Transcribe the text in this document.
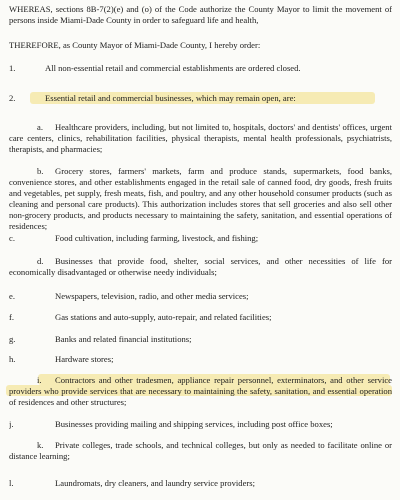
WHEREAS, sections 8B-7(2)(e) and (o) of the Code authorize the County Mayor to limit the movement of persons inside Miami-Dade County in order to safeguard life and health,

THEREFORE, as County Mayor of Miami-Dade County, I hereby order:

1.	All non-essential retail and commercial establishments are ordered closed.

2.	Essential retail and commercial businesses, which may remain open, are:

a. Healthcare providers, including, but not limited to, hospitals, doctors' and dentists' offices, urgent care centers, clinics, rehabilitation facilities, physical therapists, mental health professionals, psychiatrists, therapists, and pharmacies;

b. Grocery stores, farmers' markets, farm and produce stands, supermarkets, food banks, convenience stores, and other establishments engaged in the retail sale of canned food, dry goods, fresh fruits and vegetables, pet supply, fresh meats, fish, and poultry, and any other household consumer products (such as cleaning and personal care products). This authorization includes stores that sell groceries and also sell other non-grocery products, and products necessary to maintaining the safety, sanitation, and essential operations of residences;

c.	Food cultivation, including farming, livestock, and fishing;

d. Businesses that provide food, shelter, social services, and other necessities of life for economically disadvantaged or otherwise needy individuals;

e.	Newspapers, television, radio, and other media services;

f.	Gas stations and auto-supply, auto-repair, and related facilities;

g.	Banks and related financial institutions;

h.	Hardware stores;

i. Contractors and other tradesmen, appliance repair personnel, exterminators, and other service providers who provide services that are necessary to maintaining the safety, sanitation, and essential operation of residences and other structures;

j.	Businesses providing mailing and shipping services, including post office boxes;

k. Private colleges, trade schools, and technical colleges, but only as needed to facilitate online or distance learning;

l.	Laundromats, dry cleaners, and laundry service providers;
